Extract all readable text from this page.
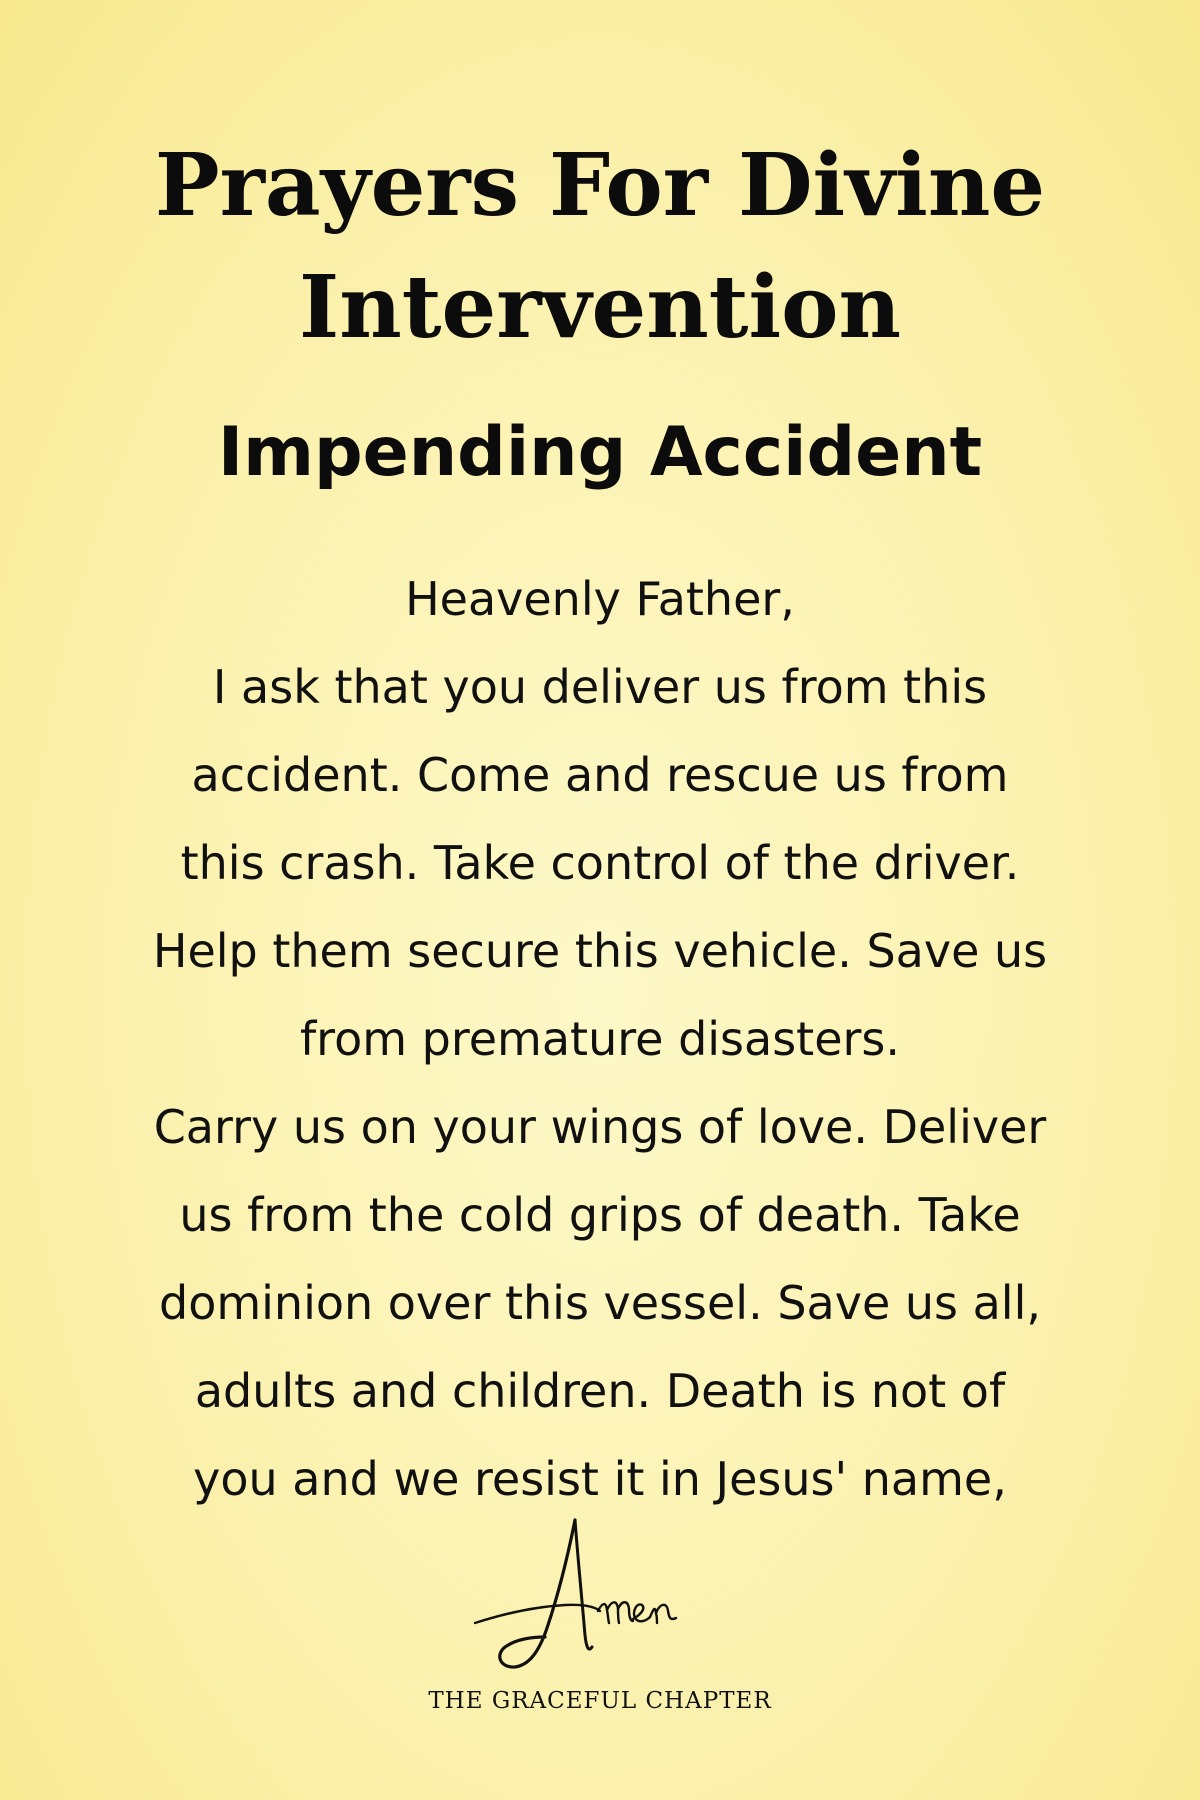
Prayers For Divine
Intervention
Impending Accident
Heavenly Father,
I ask that you deliver us from this
accident. Come and rescue us from
this crash. Take control of the driver.
Help them secure this vehicle. Save us
from premature disasters.
Carry us on your wings of love. Deliver
us from the cold grips of death. Take
dominion over this vessel. Save us all,
adults and children. Death is not of
you and we resist it in Jesus' name,
THE GRACEFUL CHAPTER
